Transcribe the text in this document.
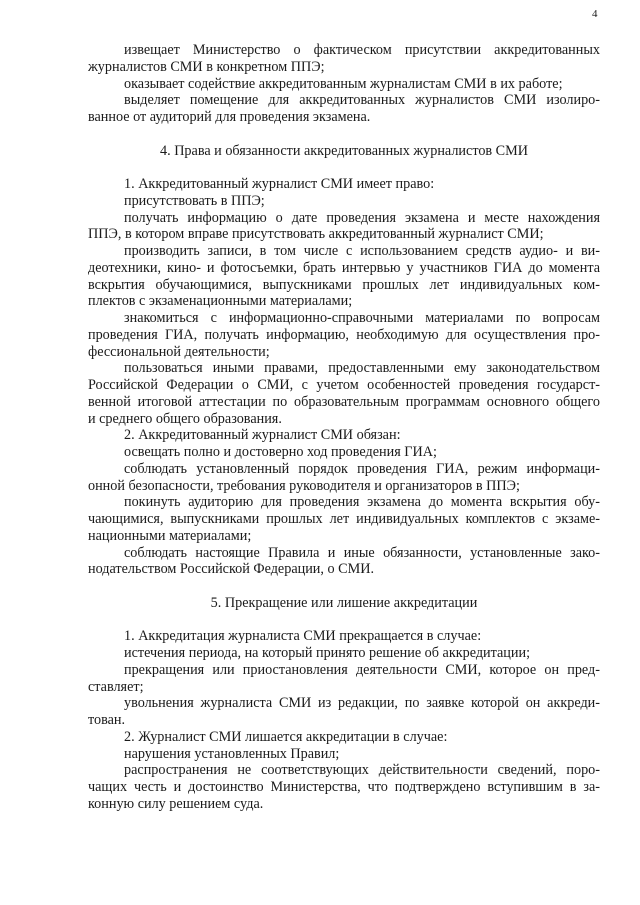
4
извещает Министерство о фактическом присутствии аккредитованных
журналистов СМИ в конкретном ППЭ;
оказывает содействие аккредитованным журналистам СМИ в их работе;
выделяет помещение для аккредитованных журналистов СМИ изолиро-
ванное от аудиторий для проведения экзамена.
4. Права и обязанности аккредитованных журналистов СМИ
1. Аккредитованный журналист СМИ имеет право:
присутствовать в ППЭ;
получать информацию о дате проведения экзамена и месте нахождения
ППЭ, в котором вправе присутствовать аккредитованный журналист СМИ;
производить записи, в том числе с использованием средств аудио- и ви-
деотехники, кино- и фотосъемки, брать интервью у участников ГИА до момента
вскрытия обучающимися, выпускниками прошлых лет индивидуальных ком-
плектов с экзаменационными материалами;
знакомиться с информационно-справочными материалами по вопросам
проведения ГИА, получать информацию, необходимую для осуществления про-
фессиональной деятельности;
пользоваться иными правами, предоставленными ему законодательством
Российской Федерации о СМИ, с учетом особенностей проведения государст-
венной итоговой аттестации по образовательным программам основного общего
и среднего общего образования.
2. Аккредитованный журналист СМИ обязан:
освещать полно и достоверно ход проведения ГИА;
соблюдать установленный порядок проведения ГИА, режим информаци-
онной безопасности, требования руководителя и организаторов в ППЭ;
покинуть аудиторию для проведения экзамена до момента вскрытия обу-
чающимися, выпускниками прошлых лет индивидуальных комплектов с экзаме-
национными материалами;
соблюдать настоящие Правила и иные обязанности, установленные зако-
нодательством Российской Федерации, о СМИ.
5. Прекращение или лишение аккредитации
1. Аккредитация журналиста СМИ прекращается в случае:
истечения периода, на который принято решение об аккредитации;
прекращения или приостановления деятельности СМИ, которое он пред-
ставляет;
увольнения журналиста СМИ из редакции, по заявке которой он аккреди-
тован.
2. Журналист СМИ лишается аккредитации в случае:
нарушения установленных Правил;
распространения не соответствующих действительности сведений, поро-
чащих честь и достоинство Министерства, что подтверждено вступившим в за-
конную силу решением суда.
